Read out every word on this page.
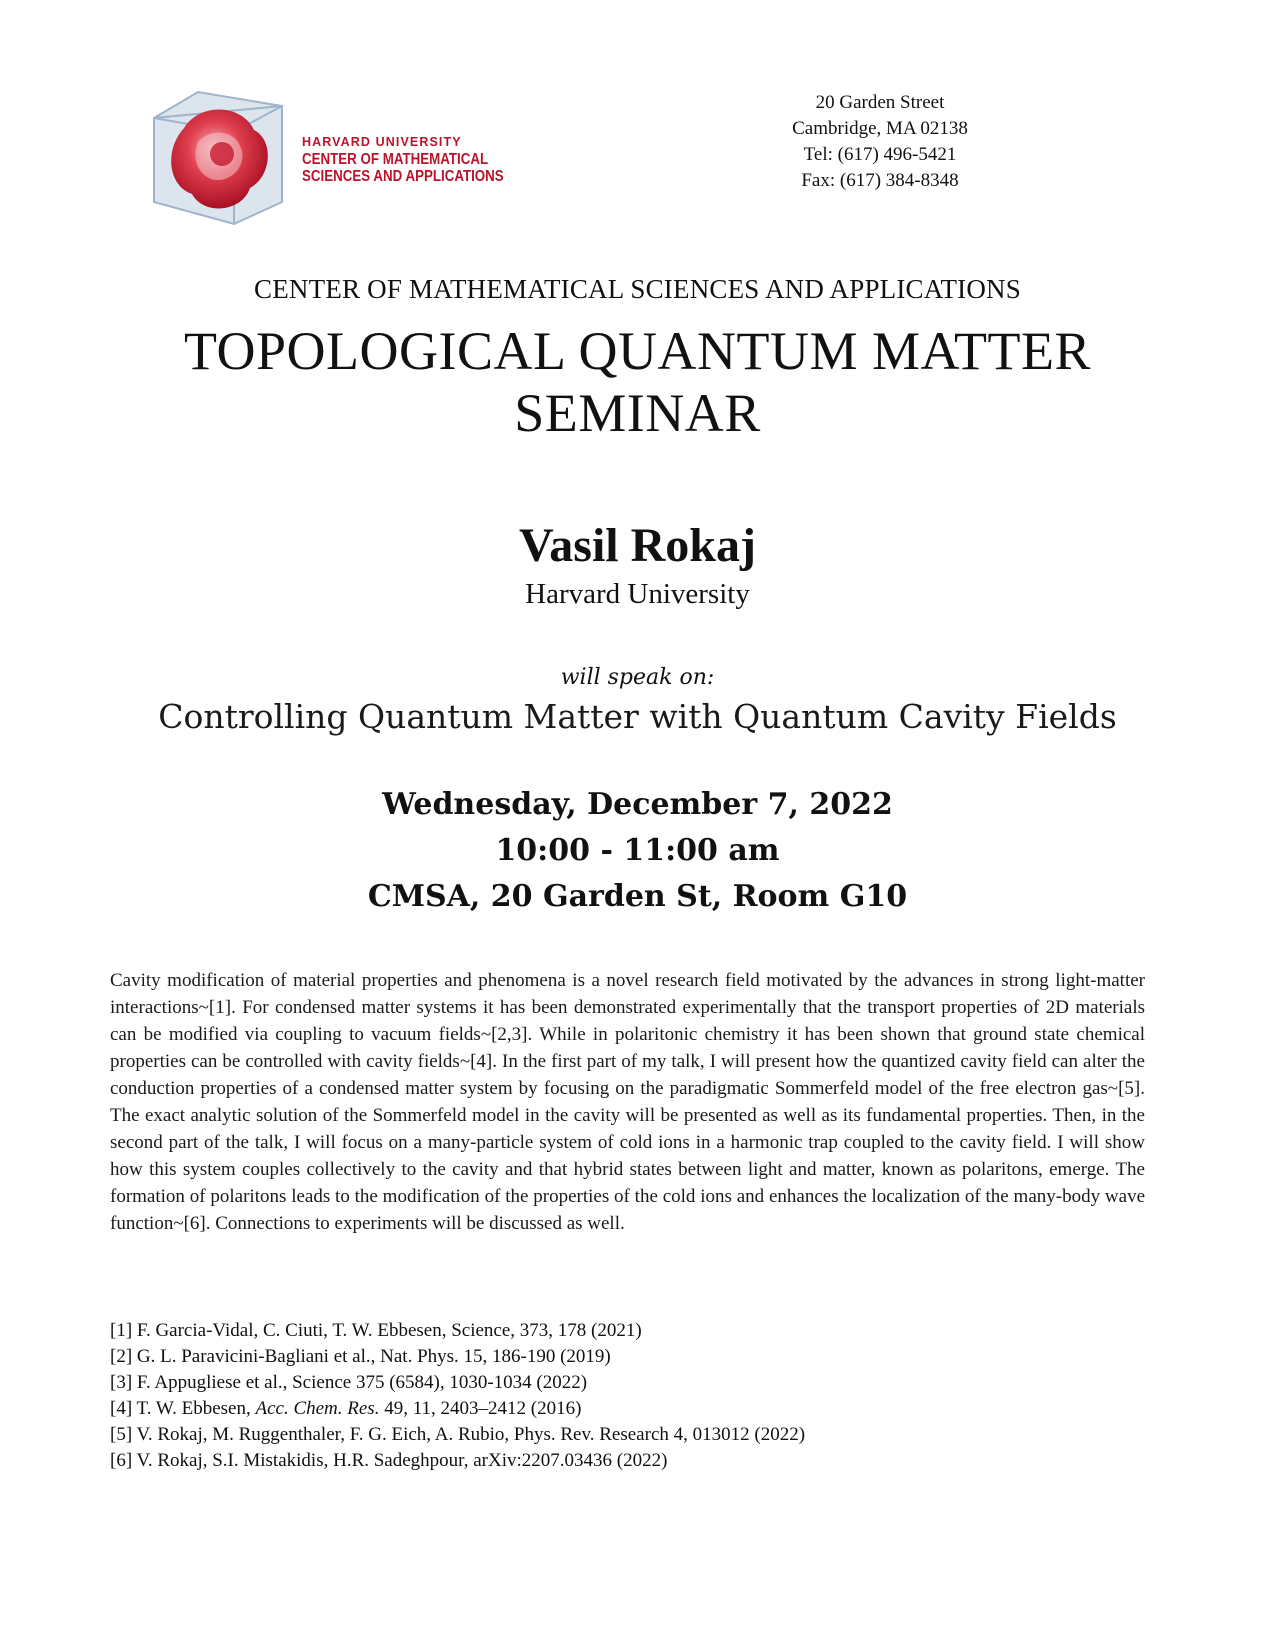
HARVARD UNIVERSITY
CENTER OF MATHEMATICAL
SCIENCES AND APPLICATIONS
20 Garden Street
Cambridge, MA 02138
Tel: (617) 496-5421
Fax: (617) 384-8348
CENTER OF MATHEMATICAL SCIENCES AND APPLICATIONS
TOPOLOGICAL QUANTUM MATTER
SEMINAR
Vasil Rokaj
Harvard University
will speak on:
Controlling Quantum Matter with Quantum Cavity Fields
Wednesday, December 7, 2022
10:00 - 11:00 am
CMSA, 20 Garden St, Room G10
Cavity modification of material properties and phenomena is a novel research field motivated by the advances in strong light-matter interactions~[1]. For condensed matter systems it has been demonstrated experimentally that the transport properties of 2D materials can be modified via coupling to vacuum fields~[2,3]. While in polaritonic chemistry it has been shown that ground state chemical properties can be controlled with cavity fields~[4]. In the first part of my talk, I will present how the quantized cavity field can alter the conduction properties of a condensed matter system by focusing on the paradigmatic Sommerfeld model of the free electron gas~[5]. The exact analytic solution of the Sommerfeld model in the cavity will be presented as well as its fundamental properties. Then, in the second part of the talk, I will focus on a many-particle system of cold ions in a harmonic trap coupled to the cavity field. I will show how this system couples collectively to the cavity and that hybrid states between light and matter, known as polaritons, emerge. The formation of polaritons leads to the modification of the properties of the cold ions and enhances the localization of the many-body wave function~[6]. Connections to experiments will be discussed as well.
[1] F. Garcia-Vidal, C. Ciuti, T. W. Ebbesen, Science, 373, 178 (2021)
[2] G. L. Paravicini-Bagliani et al., Nat. Phys. 15, 186-190 (2019)
[3] F. Appugliese et al., Science 375 (6584), 1030-1034 (2022)
[4] T. W. Ebbesen, Acc. Chem. Res. 49, 11, 2403–2412 (2016)
[5] V. Rokaj, M. Ruggenthaler, F. G. Eich, A. Rubio, Phys. Rev. Research 4, 013012 (2022)
[6] V. Rokaj, S.I. Mistakidis, H.R. Sadeghpour, arXiv:2207.03436 (2022)
